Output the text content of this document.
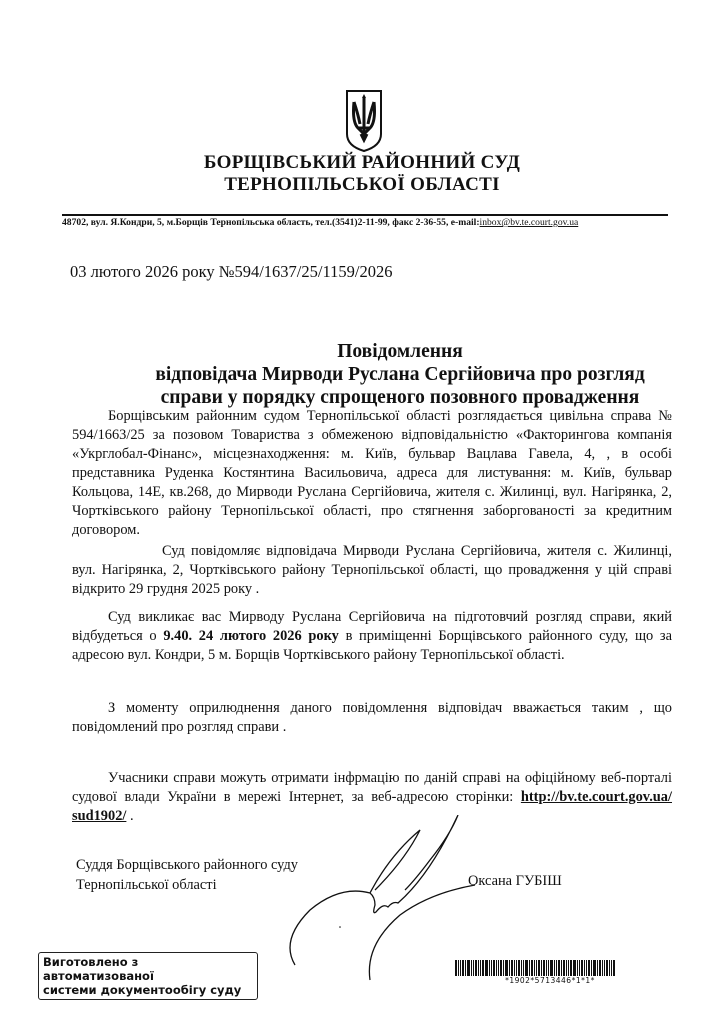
БОРЩІВСЬКИЙ РАЙОННИЙ СУД
ТЕРНОПІЛЬСЬКОЇ ОБЛАСТІ
48702, вул. Я.Кондри, 5, м.Борщів Тернопільська область, тел.(3541)2-11-99, факс 2-36-55, e-mail:inbox@bv.te.court.gov.ua
03 лютого 2026 року №594/1637/25/1159/2026
Повідомлення
відповідача Мирводи Руслана Сергійовича про розгляд
справи у порядку спрощеного позовного провадження
Борщівським районним судом Тернопільської області розглядається цивільна справа № 594/1663/25 за позовом Товариства з обмеженою відповідальністю «Факторингова компанія «Укрглобал-Фінанс», місцезнаходження: м. Київ, бульвар Вацлава Гавела, 4, , в особі представника Руденка Костянтина Васильовича, адреса для листування: м. Київ, бульвар Кольцова, 14Е, кв.268, до Мирводи Руслана Сергійовича, жителя с. Жилинці, вул. Нагірянка, 2, Чортківського району Тернопільської області, про стягнення заборгованості за кредитним договором.
Суд повідомляє відповідача Мирводи Руслана Сергійовича, жителя с. Жилинці, вул. Нагірянка, 2, Чортківського району Тернопільської області, що провадження у цій справі відкрито 29 грудня 2025 року .
Суд викликає вас Мирводу Руслана Сергійовича на підготовчий розгляд справи, який відбудеться о 9.40. 24 лютого 2026 року в приміщенні Борщівського районного суду, що за адресою вул. Кондри, 5 м. Борщів Чортківського району Тернопільської області.
З моменту оприлюднення даного повідомлення відповідач вважається таким , що повідомлений про розгляд справи .
Учасники справи можуть отримати інфрмацію по даній справі на офіційному веб-порталі судової влади України в мережі Інтернет, за веб-адресою сторінки: http://bv.te.court.gov.ua/ sud1902/ .
Суддя Борщівського районного суду
Тернопільської області	Оксана ГУБІШ
Виготовлено з автоматизованої
системи документообігу суду
*1902*5713446*1*1*
